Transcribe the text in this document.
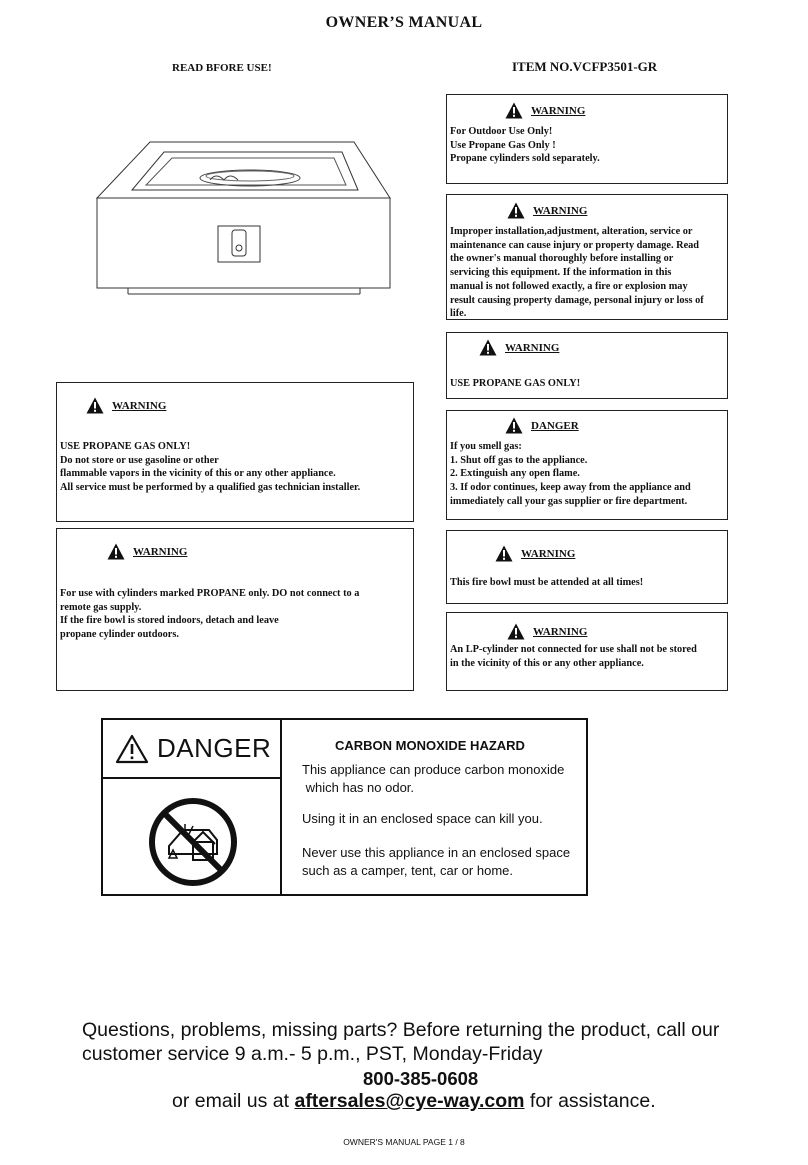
OWNER’S MANUAL
READ BFORE USE!	ITEM NO.VCFP3501-GR
WARNING
For Outdoor Use Only!
Use Propane Gas Only !
Propane cylinders sold separately.
WARNING
Improper installation,adjustment, alteration, service or
maintenance can cause injury or property damage. Read
the owner's manual thoroughly before installing or
servicing this equipment. If the information in this
manual is not followed exactly, a fire or explosion may
result causing property damage, personal injury or loss of
life.
WARNING
USE PROPANE GAS ONLY!
DANGER
If you smell gas:
1. Shut off gas to the appliance.
2. Extinguish any open flame.
3. If odor continues, keep away from the appliance and
immediately call your gas supplier or fire department.
WARNING
This fire bowl must be attended at all times!
WARNING
An LP-cylinder not connected for use shall not be stored
in the vicinity of this or any other appliance.
WARNING
USE PROPANE GAS ONLY!
Do not store or use gasoline or other
flammable vapors in the vicinity of this or any other appliance.
All service must be performed by a qualified gas technician installer.
WARNING
For use with cylinders marked PROPANE only. DO not connect to a
remote gas supply.
If the fire bowl is stored indoors, detach and leave
propane cylinder outdoors.
DANGER	CARBON MONOXIDE HAZARD
This appliance can produce carbon monoxide
which has no odor.
Using it in an enclosed space can kill you.
Never use this appliance in an enclosed space
such as a camper, tent, car or home.
Questions, problems, missing parts? Before returning the product, call our
customer service 9 a.m.- 5 p.m., PST, Monday-Friday
800-385-0608
or email us at aftersales@cye-way.com for assistance.
OWNER'S MANUAL PAGE 1 / 8
